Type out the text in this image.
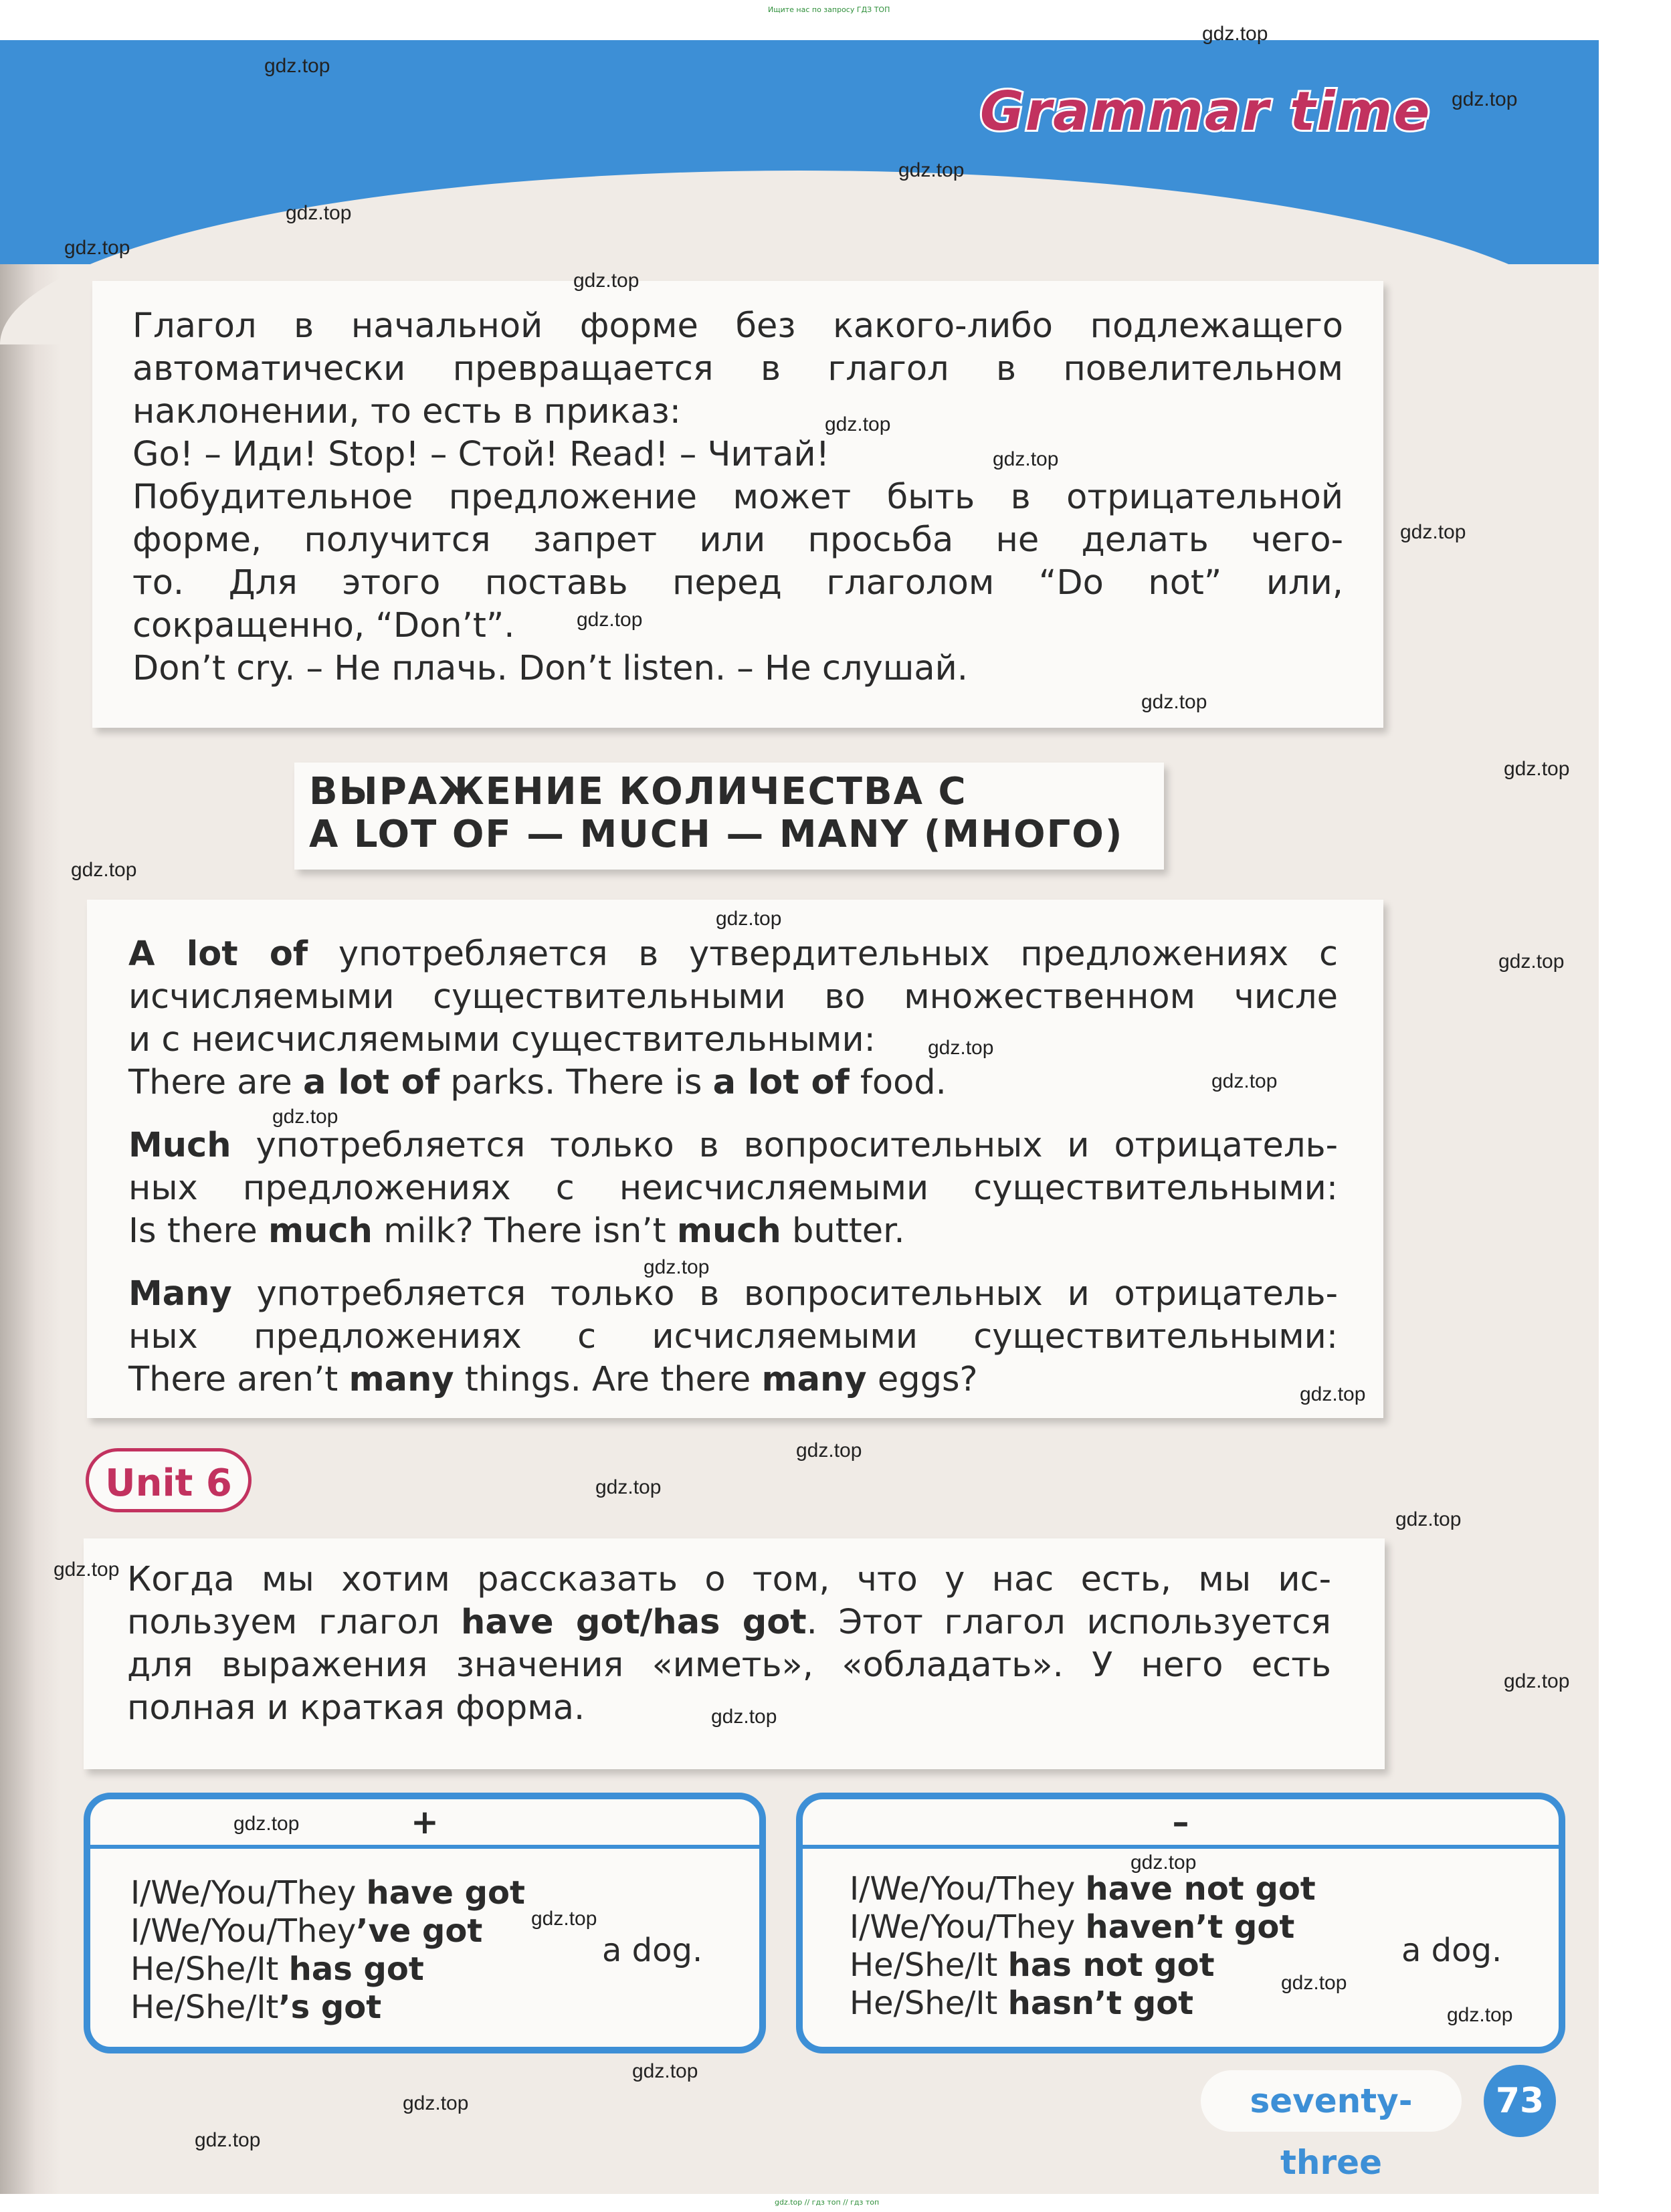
Ищите нас по запросу ГДЗ ТОП
gdz.top // гдз топ // гдз топ
Grammar time
Глагол в начальной форме без какого-либо подлежащего
автоматически превращается в глагол в повелительном
наклонении, то есть в приказ:
Go! – Иди! Stop! – Стой! Read! – Читай!
Побудительное предложение может быть в отрицательной
форме, получится запрет или просьба не делать чего-
то. Для этого поставь перед глаголом “Do not” или,
сокращенно, “Don’t”.
Don’t cry. – Не плачь. Don’t listen. – Не слушай.
ВЫРАЖЕНИЕ КОЛИЧЕСТВА С
A LOT OF — MUCH — MANY (МНОГО)
A lot of употребляется в утвердительных предложениях с
исчисляемыми существительными во множественном числе
и с неисчисляемыми существительными:
There are a lot of parks. There is a lot of food.
Much употребляется только в вопросительных и отрицатель-
ных предложениях с неисчисляемыми существительными:
Is there much milk? There isn’t much butter.
Many употребляется только в вопросительных и отрицатель-
ных предложениях с исчисляемыми существительными:
There aren’t many things. Are there many eggs?
Unit 6
Когда мы хотим рассказать о том, что у нас есть, мы ис-
пользуем глагол have got/has got. Этот глагол используется
для выражения значения «иметь», «обладать». У него есть
полная и краткая форма.
+
I/We/You/They have got
I/We/You/They’ve got
He/She/It has got
He/She/It’s got
a dog.
–
I/We/You/They have not got
I/We/You/They haven’t got
He/She/It has not got
He/She/It hasn’t got
a dog.
seventy-three
73
gdz.top
gdz.top
gdz.top
gdz.top
gdz.top
gdz.top
gdz.top
gdz.top
gdz.top
gdz.top
gdz.top
gdz.top
gdz.top
gdz.top
gdz.top
gdz.top
gdz.top
gdz.top
gdz.top
gdz.top
gdz.top
gdz.top
gdz.top
gdz.top
gdz.top
gdz.top
gdz.top
gdz.top
gdz.top
gdz.top
gdz.top
gdz.top
gdz.top
gdz.top
gdz.top
